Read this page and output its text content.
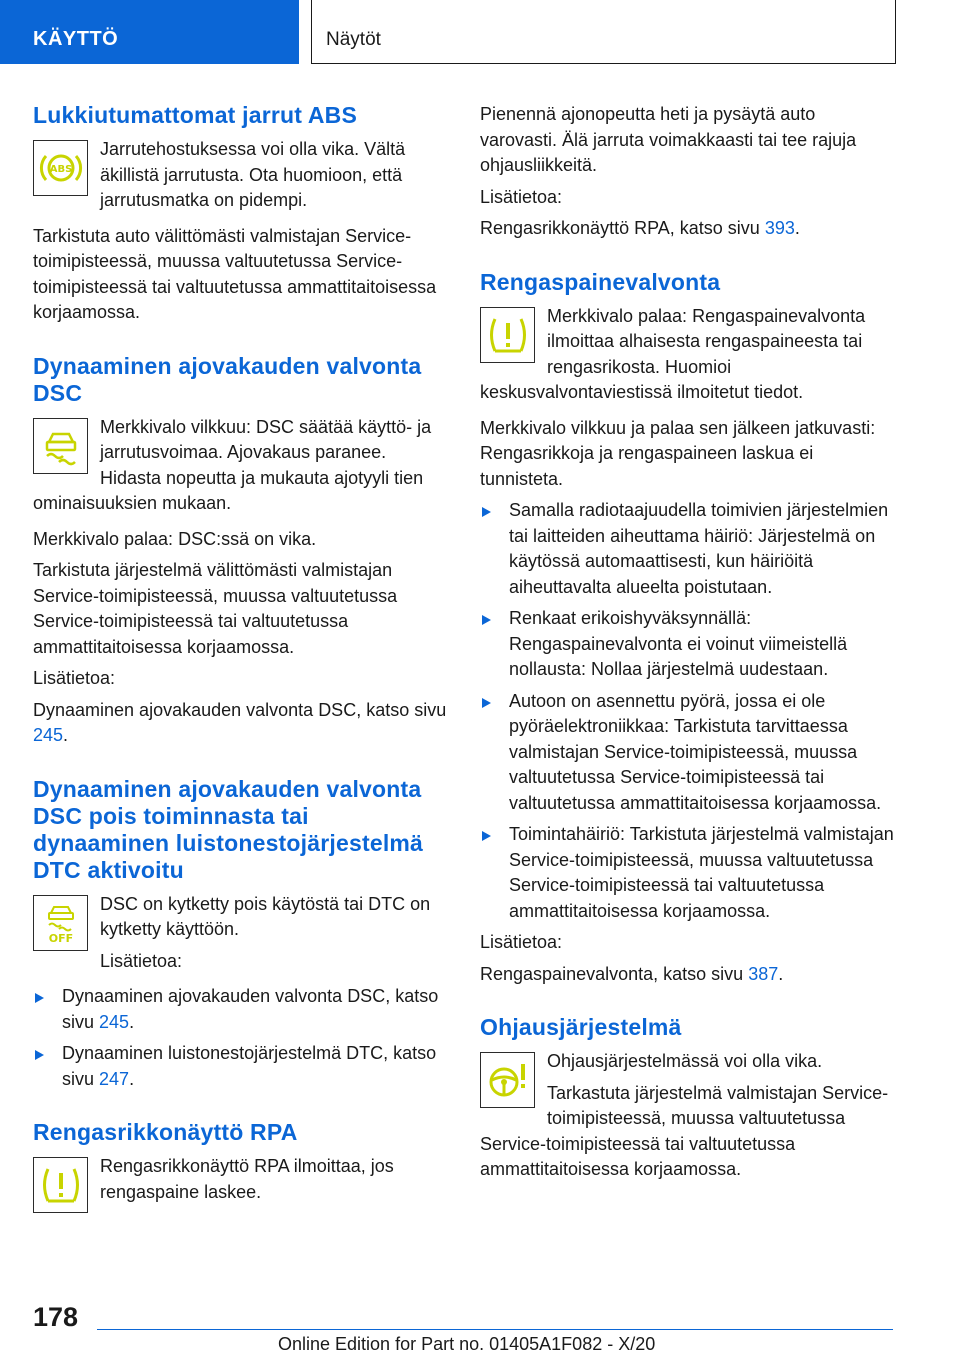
KÄYTTÖ	Näytöt
Lukkiutumattomat jarrut ABS
ABS

Jarrutehostuksessa voi olla vika. Vältä äkillistä jarrutusta. Ota huomioon, että jarrutusmatka on pidempi.

Tarkistuta auto välittömästi valmistajan Service-toimipisteessä, muussa valtuutetussa Service-toimipisteessä tai valtuutetussa ammattitaitoisessa korjaamossa.

Dynaaminen ajovakauden valvonta DSC

Merkkivalo vilkkuu: DSC säätää käyttö- ja jarrutusvoimaa. Ajovakaus paranee. Hidasta nopeutta ja mukauta ajotyyli tien ominaisuuksien mukaan.

Merkkivalo palaa: DSC:ssä on vika.

Tarkistuta järjestelmä välittömästi valmistajan Service-toimipisteessä, muussa valtuutetussa Service-toimipisteessä tai valtuutetussa ammattitaitoisessa korjaamossa.

Lisätietoa:

Dynaaminen ajovakauden valvonta DSC, katso sivu 245.

Dynaaminen ajovakauden valvonta DSC pois toiminnasta tai dynaaminen luistonestojärjestelmä DTC aktivoitu
OFF

DSC on kytketty pois käytöstä tai DTC on kytketty käyttöön.

Lisätietoa:

Dynaaminen ajovakauden valvonta DSC, katso sivu 245.
Dynaaminen luistonestojärjestelmä DTC, katso sivu 247.
Rengasrikkonäyttö RPA

Rengasrikkonäyttö RPA ilmoittaa, jos rengaspaine laskee.

Pienennä ajonopeutta heti ja pysäytä auto varovasti. Älä jarruta voimakkaasti tai tee rajuja ohjausliikkeitä.

Lisätietoa:

Rengasrikkonäyttö RPA, katso sivu 393.

Rengaspainevalvonta

Merkkivalo palaa: Rengaspainevalvonta ilmoittaa alhaisesta rengaspaineesta tai rengasrikosta. Huomioi keskusvalvontaviestissä ilmoitetut tiedot.

Merkkivalo vilkkuu ja palaa sen jälkeen jatkuvasti: Rengasrikkoja ja rengaspaineen laskua ei tunnisteta.

Samalla radiotaajuudella toimivien järjestelmien tai laitteiden aiheuttama häiriö: Järjestelmä on käytössä automaattisesti, kun häiriöitä aiheuttavalta alueelta poistutaan.
Renkaat erikoishyväksynnällä: Rengaspainevalvonta ei voinut viimeistellä nollausta: Nollaa järjestelmä uudestaan.
Autoon on asennettu pyörä, jossa ei ole pyöräelektroniikkaa: Tarkistuta tarvittaessa valmistajan Service-toimipisteessä, muussa valtuutetussa Service-toimipisteessä tai valtuutetussa ammattitaitoisessa korjaamossa.
Toimintahäiriö: Tarkistuta järjestelmä valmistajan Service-toimipisteessä, muussa valtuutetussa Service-toimipisteessä tai valtuutetussa ammattitaitoisessa korjaamossa.

Lisätietoa:

Rengaspainevalvonta, katso sivu 387.

Ohjausjärjestelmä

Ohjausjärjestelmässä voi olla vika.

Tarkastuta järjestelmä valmistajan Service-toimipisteessä, muussa valtuutetussa Service-toimipisteessä tai valtuutetussa ammattitaitoisessa korjaamossa.

178
Online Edition for Part no. 01405A1F082 - X/20
